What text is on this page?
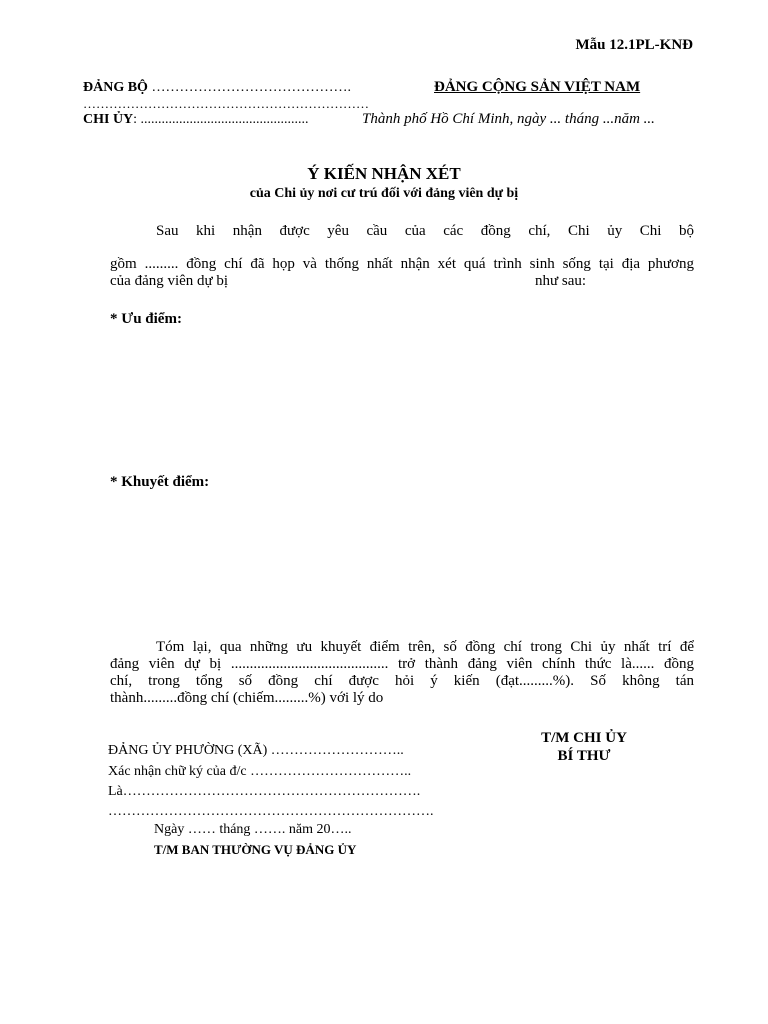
Mẫu 12.1PL-KNĐ
ĐẢNG BỘ …………………………………….
…………………………………………………………
CHI ỦY: ................................................
ĐẢNG CỘNG SẢN VIỆT NAM
Thành phố Hồ Chí Minh, ngày ... tháng ...năm ...
Ý KIẾN NHẬN XÉT
của Chi ủy nơi cư trú đối với đảng viên dự bị
Sau khi nhận được yêu cầu của các đồng chí, Chi ủy Chi bộ
gồm ......... đồng chí đã họp và thống nhất nhận xét quá trình sinh sống tại địa phương
của đảng viên dự bị	như sau:
* Ưu điểm:
* Khuyết điểm:
Tóm lại, qua những ưu khuyết điểm trên, số đồng chí trong Chi ủy nhất trí để
đảng viên dự bị .......................................... trở thành đảng viên chính thức là...... đồng
chí, trong tổng số đồng chí được hỏi ý kiến (đạt.........%). Số không tán
thành.........đồng chí (chiếm.........%) với lý do
T/M CHI ỦY
BÍ THƯ
ĐẢNG ỦY PHƯỜNG (XÃ) ………………………..
Xác nhận chữ ký của đ/c ……………………………..
Là……………………………………………………….
…………………………………………………………….
Ngày …… tháng ……. năm 20…..
T/M BAN THƯỜNG VỤ ĐẢNG ỦY
